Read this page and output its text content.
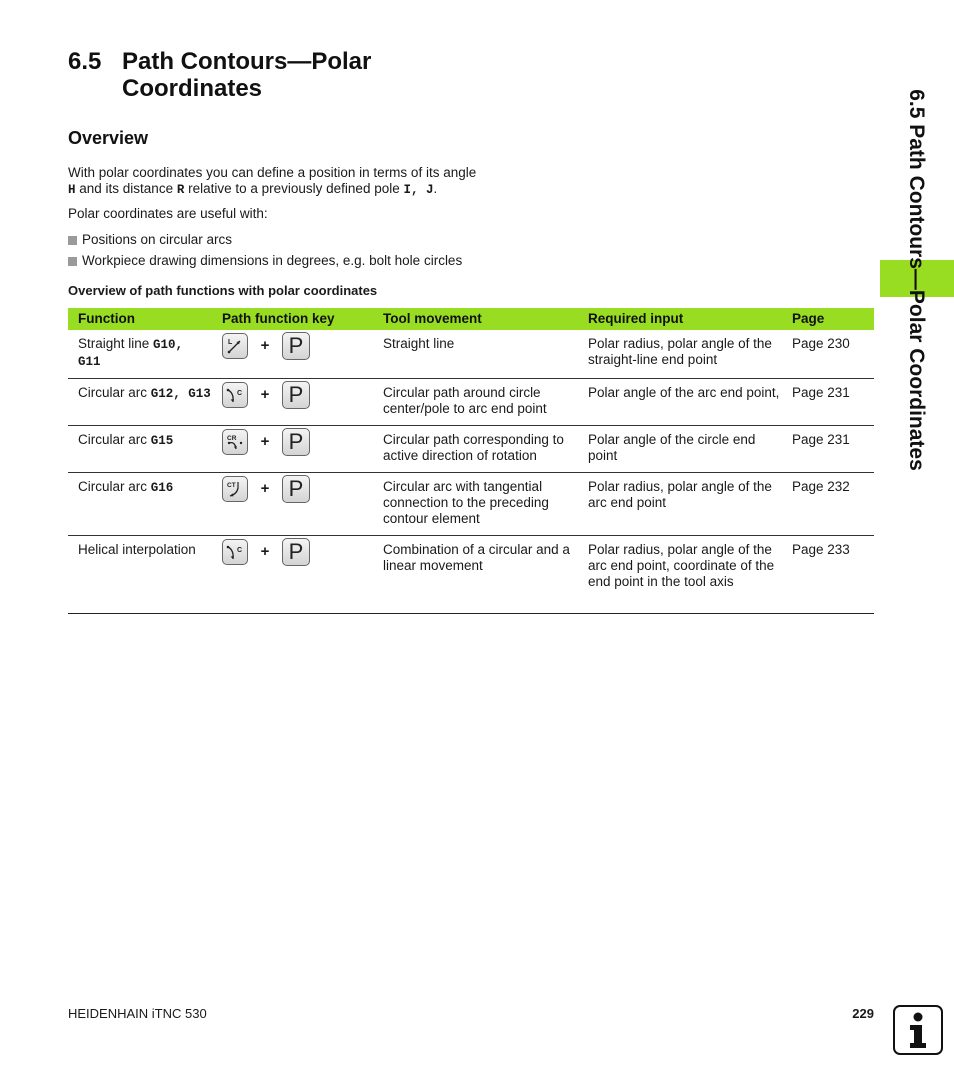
6.5 Path Contours—Polar
Coordinates
Overview

With polar coordinates you can define a position in terms of its angle
H and its distance R relative to a previously defined pole I, J.

Polar coordinates are useful with:

Positions on circular arcs
Workpiece drawing dimensions in degrees, e.g. bolt hole circles

Overview of path functions with polar coordinates

Function	Path function key	Tool movement	Required input	Page
Straight line G10, G11	L + P	Straight line	Polar radius, polar angle of the straight-line end point	Page 230
Circular arc G12, G13	C + P	Circular path around circle center/pole to arc end point	Polar angle of the arc end point,	Page 231
Circular arc G15	CR + P	Circular path corresponding to active direction of rotation	Polar angle of the circle end point	Page 231
Circular arc G16	CT + P	Circular arc with tangential connection to the preceding contour element	Polar radius, polar angle of the arc end point	Page 232
Helical interpolation	C + P	Combination of a circular and a linear movement	Polar radius, polar angle of the arc end point, coordinate of the end point in the tool axis	Page 233
6.5 Path Contours—Polar Coordinates

HEIDENHAIN iTNC 530	229
